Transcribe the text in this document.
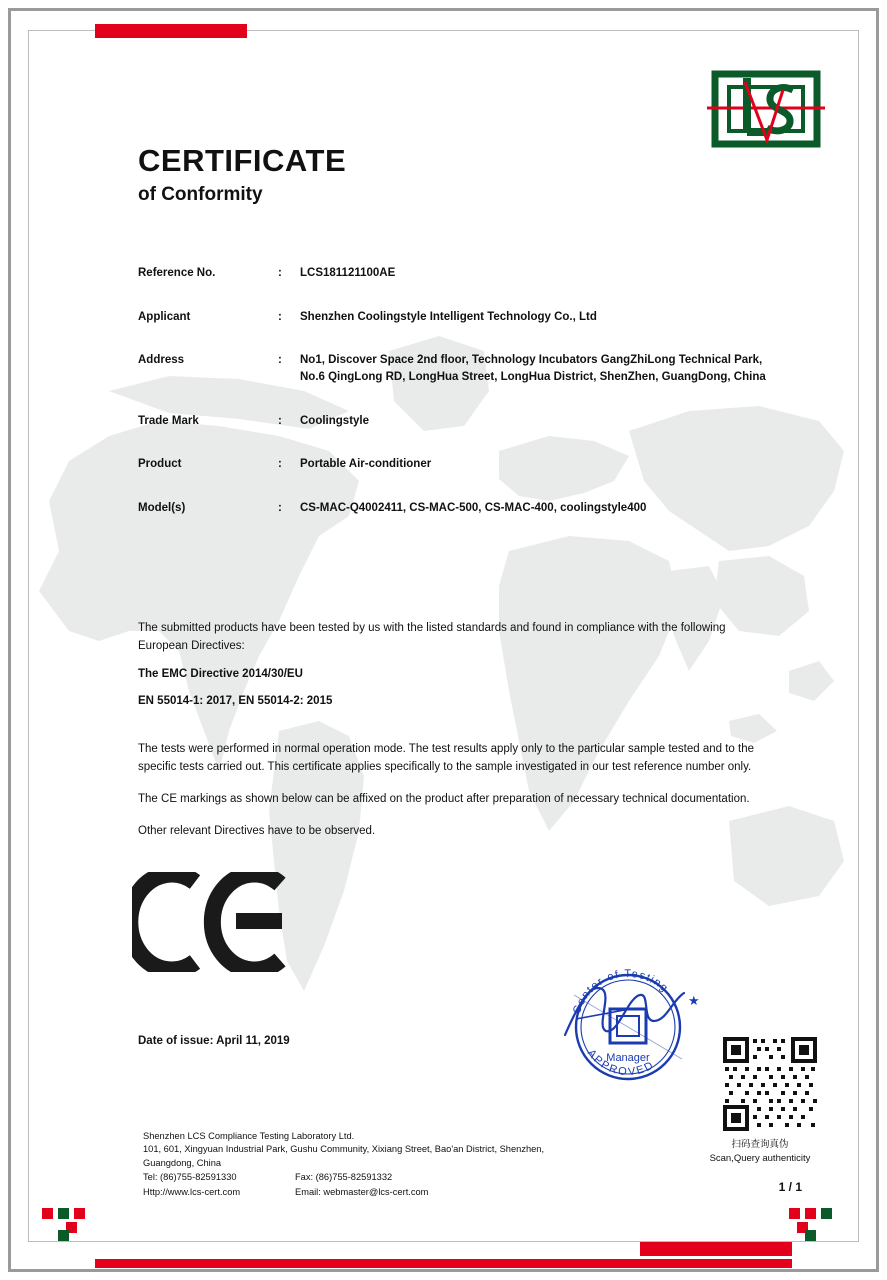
CERTIFICATE
of Conformity
Reference No.	:	LCS181121100AE
Applicant	:	Shenzhen Coolingstyle Intelligent Technology Co., Ltd
Address	:	No1, Discover Space 2nd floor, Technology Incubators GangZhiLong Technical Park, No.6 QingLong RD, LongHua Street, LongHua District, ShenZhen, GuangDong, China
Trade Mark	:	Coolingstyle
Product	:	Portable Air-conditioner
Model(s)	:	CS-MAC-Q4002411, CS-MAC-500, CS-MAC-400, coolingstyle400
The submitted products have been tested by us with the listed standards and found in compliance with the following European Directives:
The EMC Directive 2014/30/EU
EN 55014-1: 2017, EN 55014-2: 2015
The tests were performed in normal operation mode. The test results apply only to the particular sample tested and to the specific tests carried out. This certificate applies specifically to the sample investigated in our test reference number only.
The CE markings as shown below can be affixed on the product after preparation of necessary technical documentation.
Other relevant Directives have to be observed.
Date of issue: April 11, 2019
Center of Testing
APPROVED
Manager
★
扫码查询真伪
Scan,Query authenticity
Shenzhen LCS Compliance Testing Laboratory Ltd.
101, 601, Xingyuan Industrial Park, Gushu Community, Xixiang Street, Bao'an District, Shenzhen,
Guangdong, China
Tel: (86)755-82591330	Fax: (86)755-82591332
Http://www.lcs-cert.com	Email: webmaster@lcs-cert.com	1 / 1
